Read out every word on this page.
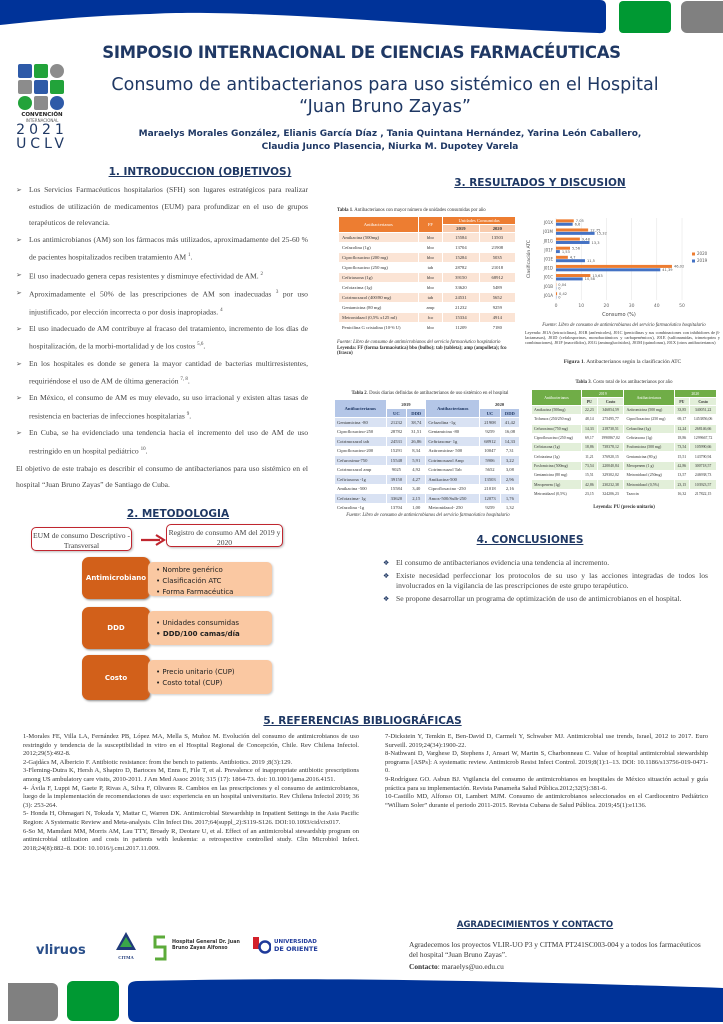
CONVENCIÓN
INTERNACIONAL
2021
UCLV
SIMPOSIO INTERNACIONAL DE CIENCIAS FARMACÉUTICAS
Consumo de antibacterianos para uso sistémico en el Hospital “Juan Bruno Zayas”
Maraelys Morales González, Elianis García Díaz , Tania Quintana Hernández, Yarina León Caballero,
Claudia Junco Plasencia, Niurka M. Dupotey Varela
1. INTRODUCCION (OBJETIVOS)
➢ Los Servicios Farmacéuticos hospitalarios (SFH) son lugares estratégicos para realizar estudios de utilización de medicamentos (EUM) para profundizar en el uso de grupos terapéuticos de relevancia.
➢ Los antimicrobianos (AM) son los fármacos más utilizados, aproximadamente del 25-60 % de pacientes hospitalizados reciben tratamiento AM $^1$.
➢ El uso inadecuado genera cepas resistentes y disminuye efectividad de AM. $^2$
➢ Aproximadamente el 50% de las prescripciones de AM son inadecuadas $^3$ por uso injustificado, por elección incorrecta o por dosis inapropiadas. $^4$
➢ El uso inadecuado de AM contribuye al fracaso del tratamiento, incremento de los días de hospitalización, de la morbi-mortalidad y de los costos $^{5,6}$.
➢ En los hospitales es donde se genera la mayor cantidad de bacterias multirresistentes, requiriéndose el uso de AM de última generación $^{7, 8}$.
➢ En México, el consumo de AM es muy elevado, su uso irracional y existen altas tasas de resistencia en bacterias de infecciones hospitalarias $^9$.
➢ En Cuba, se ha evidenciado una tendencia hacia el incremento del uso de AM de uso restringido en un hospital pediátrico $^{10}$.

El objetivo de este trabajo es describir el consumo de antibacterianos para uso sistémico en el hospital “Juan Bruno Zayas” de Santiago de Cuba.

2. METODOLOGIA
EUM de consumo Descriptivo - Transversal
Registro de consumo AM del 2019 y 2020
Antimicrobiano
• Nombre genérico
• Clasificación ATC
• Forma Farmacéutica
DDD
• Unidades consumidas
• DDD/100 camas/día
Costo
• Precio unitario (CUP)
• Costo total (CUP)
3. RESULTADOS Y DISCUSION
Tabla 1. Antibacterianos con mayor número de unidades consumidas por año
Antibacterianos	FF	Unidades Consumidas	
		2019	2020
Amikacina (500mg)	bbo	15584	13503
Cefazolina (1g)	bbo	13704	21908
Ciprofloxacino (200 mg)	bbo	15284	5035
Ciprofloxacino (250 mg)	tab	28782	21018
Ceftriaxona (1g)	bbo	39150	68912
Cefotaxima (1g)	bbo	33620	5489
Cotrimoxazol (400/80 mg)	tab	24531	5652
Gentamicina (80 mg)	amp	21232	9259
Metronidazol (0,5% x125 ml)	fco	15334	4914
Penicilina G cristalina (10^6 U)	bbo	11209	7180
Fuente: Libro de consumo de antimicrobianos del servicio farmacéutico hospitalario
Leyenda: FF (forma farmacéutica) bbo (bulbo); tab (tableta); amp (ampolleta); fco (frasco)
0	10	20	30	40	50
Consumo (%)
Clasificación ATC
J01X	7,05
6,6
J01M	12,75
15,32
J01G	9,48
13,3
J01F	5,56
1,53
J01E	4,7
11,5
J01D	46,02
41,39
J01C	13,63
10,58
J01B 0,04
0
J01A 0,42
0
2020
2019
Fuente: Libro de consumo de antimicrobianos del servicio farmacéutico hospitalario
Leyenda: J01A (tetraciclinas), J01B (anfenicoles), J01C (penicilinas y sus combinaciones con inhibidores de β-lactamasas), J01D (cefalosporinas, monobactámicos y carbapenémicos), J01E (sulfonamidas, trimetoprim y combinaciones), J01F (macrólidos), J01G (aminoglucósidos), J01M (quinolonas), J01X (otros antibacterianos)
Figura 1. Antibacterianos según la clasificación ATC
Tabla 2. Dosis diarias definidas de antibacterianos de uso sistémico en el hospital
Antibacterianos	2019		Antibacterianos	2020	
	UC	DDD		UC	DDD
Gentamicina -80	21232	38,74	Cefazolina -1g	21908	41,42
Ciprofloxacino-250	28782	31,51	Gentamicina -80	9259	16,08
Cotrimoxazol tab	24531	26,86	Ceftriaxona- 1g	68912	14,33
Ciprofloxacino-200	15291	8,34	Azitromicina- 500	10047	7,31
Cefuroxima-750	15548	5,91	Cotrimoxazol Amp	5906	3,22
Cotrimoxazol amp	9025	4,92	Cotrimoxazol Tab	5652	3,08
Ceftriaxona -1g	39150	4,27	Amikacina-500	13503	2,96
Amikacina -500	15584	3,40	Ciprofloxacino -250	21018	2,16
Cefotaxima- 1g	33620	2,15	Amox-500/Sulb-250	12073	1,76
Cefazolina -1g	13704	1,00	Metronidazol- 250	9259	1,32
Fuente: Libro de consumo de antimicrobianos del servicio farmacéutico hospitalario
Tabla 3. Costo total de los antibacterianos por año
Antibacterianos	2019		Antibacterianos	2020	
	PU	Costo		PU	Costo
Amikacina (500mg)	22,23	346854,59	Azitromicina (500 mg)	33,85	340051,22
Trifamox (250/250 mg)	48,14	275495,77	Ciprofloxacino (250 mg)	69,17	1453856,06
Cefuroxima (750 mg)	14,33	218730,51	Cefazolina (1g)	12,24	268146,66
Ciprofloxacino (250 mg)	69,17	1990867,02	Ceftriaxona (1g)	18,86	1299667,72
Ceftriaxona (1g)	18,86	738378,12	Fosfomicina (500 mg)	73,54	105990,66
Cefotaxima (1g)	11,21	376920,15	Gentamicina (80 g)	15,51	143790,94
Fosfomicina (500mg)	73,54	220040,84	Meropenem (1 g)	42,86	300718,57
Gentamicina (80 mg)	15,51	329302,02	Metronidazol (250mg)	13,57	246938,73
Meropenem (1g)	42,86	230232,38	Metronidazol (0,5%)	23,15	103923,57
Metronidazol (0,5%)	23,15	324206,23	Tazocin	16,32	217822,15
Leyenda: PU (precio unitario)
4. CONCLUSIONES
❖ El consumo de antibacterianos evidencia una tendencia al incremento.
❖ Existe necesidad perfeccionar los protocolos de su uso y las acciones integradas de todos los involucrados en la vigilancia de las prescripciones de este grupo terapéutico.
❖ Se propone desarrollar un programa de optimización de uso de antimicrobianos en el hospital.
5. REFERENCIAS BIBLIOGRÁFICAS
1-Morales FE, Villa LA, Fernández PB, López MA, Mella S, Muñoz M. Evolución del consumo de antimicrobianos de uso restringido y tendencia de la susceptibilidad in vitro en el Hospital Regional de Concepción, Chile. Rev Chilena Infectol. 2012;29(5):492-8.
2-Gajdács M, Albericio F. Antibiotic resistance: from the bench to patients. Antibiotics. 2019 ;8(3):129.
3-Fleming-Dutra K, Hersh A, Shapiro D, Bartoces M, Enns E, File T, et al. Prevalence of inappropriate antibiotic prescriptions among US ambulatory care visits, 2010-2011. J Am Med Assoc 2016; 315 (17): 1864-73. doi: 10.1001/jama.2016.4151.
4- Ávila F, Luppi M, Gaete P, Rivas A, Silva F, Olivares R. Cambios en las prescripciones y el consumo de antimicrobianos, luego de la implementación de recomendaciones de uso: experiencia en un hospital universitario. Rev Chilena Infectol 2019; 36 (3): 253-264.
5- Honda H, Ohmagari N, Tokuda Y, Mattar C, Warren DK. Antimicrobial Stewardship in Inpatient Settings in the Asia Pacific Region: A Systematic Review and Meta-analysis. Clin Infect Dis. 2017;64(suppl_2):S119-S126. DOI:10.1093/cid/cix017.
6-So M, Mamdani MM, Morris AM, Lau TTY, Broady R, Deotare U, et al. Effect of an antimicrobial stewardship program on antimicrobial utilization and costs in patients with leukemia: a retrospective controlled study. Clin Microbiol Infect. 2018;24(8):882–8. DOI: 10.1016/j.cmi.2017.11.009.
7-Dickstein Y, Temkin E, Ben-David D, Carmeli Y, Schwaber MJ. Antimicrobial use trends, Israel, 2012 to 2017. Euro Surveill. 2019;24(34):1900-22.
8-Nathwani D, Varghese D, Stephens J, Ansari W, Martin S, Charbonneau C. Value of hospital antimicrobial stewardship programs [ASPs]: A systematic review. Antimicrob Resist Infect Control. 2019;8(1):1–13. DOI: 10.1186/s13756-019-0471-0.
9-Rodríguez GO. Asbun BJ. Vigilancia del consumo de antimicrobianos en hospitales de México situación actual y guía práctica para su implementación. Revista Panameña Salud Pública.2012;32(5):381-6.
10-Castillo MD, Alfonso OI, Lambert MJM. Consumo de antimicrobianos seleccionados en el Cardiocentro Pediátrico “William Soler” durante el periodo 2011-2015. Revista Cubana de Salud Pública. 2019;45(1):e1136.
vliruos	CITMA
Hospital General Dr. Juan
Bruno Zayas Alfonso
UNIVERSIDAD
DE ORIENTE
AGRADECIMIENTOS Y CONTACTO
Agradecemos los proyectos VLIR-UO P3 y CITMA PT241SC003-004 y a todos los farmacéuticos del hospital “Juan Bruno Zayas”.
Contacto: maraelys@uo.edu.cu
